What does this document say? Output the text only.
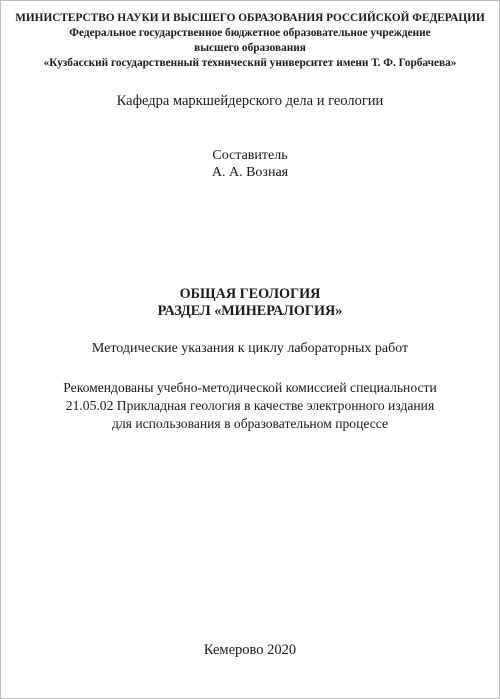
МИНИСТЕРСТВО НАУКИ И ВЫСШЕГО ОБРАЗОВАНИЯ РОССИЙСКОЙ ФЕДЕРАЦИИ
Федеральное государственное бюджетное образовательное учреждение
высшего образования
«Кузбасский государственный технический университет имени Т. Ф. Горбачева»
Кафедра маркшейдерского дела и геологии
Составитель
А. А. Возная
ОБЩАЯ ГЕОЛОГИЯ
РАЗДЕЛ «МИНЕРАЛОГИЯ»
Методические указания к циклу лабораторных работ
Рекомендованы учебно-методической комиссией специальности
21.05.02 Прикладная геология в качестве электронного издания
для использования в образовательном процессе
Кемерово 2020
